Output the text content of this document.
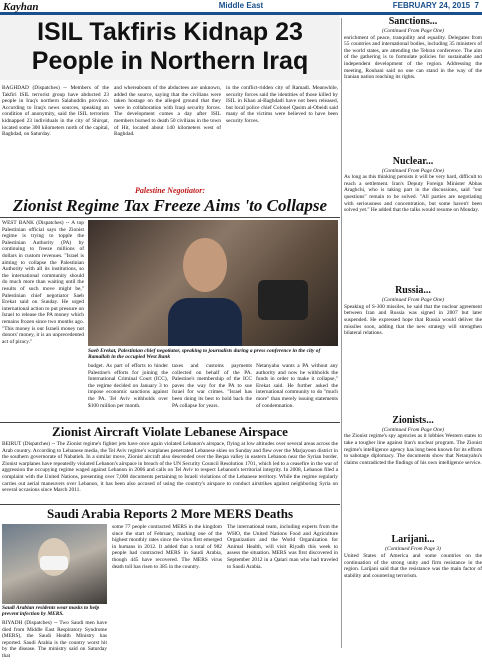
Kayhan	Middle East	FEBRUARY 24, 2015 7
ISIL Takfiris Kidnap 23
People in Northern Iraq
BAGHDAD (Dispatches) -- Members of the Takfiri ISIL terrorist group have abducted 23 people in Iraq's northern Salahuddin province. According to Iraq's news sources, speaking on condition of anonymity, said the ISIL terrorists kidnapped 23 individuals in the city of Shirqat, located some 300 kilometers north of the capital, Baghdad, on Saturday.
and whereabouts of the abductees are unknown, added the source, saying that the civilians were taken hostage on the alleged ground that they were in collaboration with Iraqi security forces. The development comes a day after ISIL members burned to death 50 civilians in the town of Hit, located about 140 kilometers west of Baghdad.
in the conflict-ridden city of Ramadi. Meanwhile, security forces said the identities of those killed by ISIL in Khan al-Baghdadi have not been released, but local police chief Colonel Qasim al-Obeidi said many of the victims were believed to have been security forces.
Palestine Negotiator:
Zionist Regime Tax Freeze Aims 'to Collapse
WEST BANK (Dispatches) -- A top Palestinian official says the Zionist regime is trying to topple the Palestinian Authority (PA) by continuing to freeze millions of dollars in custom revenues. "Israel is aiming to collapse the Palestinian Authority with all its institutions, so the international community should do much more than waiting until the results of such move might be," Palestinian chief negotiator Saeb Erekat said on Sunday. He urged international action to put pressure on Israel to release the PA money which remains frozen since two months ago. "This money is our Israeli money not donors' money, it is an unprecedented act of piracy."
Saeb Erekat, Palestinian chief negotiator, speaking to journalists during a press conference in the city of Ramallah in the occupied West Bank
budget. As part of efforts to hinder Palestine's efforts for joining the International Criminal Court (ICC), the regime decided on January 3 to impose economic sanctions against the PA. Tel Aviv withholds over $100 million per month.
taxes and customs payments collected on behalf of the PA. Palestine's membership of the ICC paves the way for the PA to sue Israel for war crimes. "Israel has been doing its best to hold back the PA collapse for years.
Netanyahu wants a PA without any authority and now he withholds the funds in order to make it collapse," Erekat said. He further asked the international community to do "much more" than merely issuing statements of condemnation.
Zionist Aircraft Violate Lebanese Airspace
BEIRUT (Dispatches) -- The Zionist regime's fighter jets have once again violated Lebanon's airspace, flying at low altitudes over several areas across the Arab country. According to Lebanese media, the Tel Aviv regime's warplanes penetrated Lebanese skies on Sunday and flew over the Marjayoun district in the southern governorate of Nabatieh. In a similar move, Zionist aircraft also descended over the Beqaa valley in eastern Lebanon near the Syrian border. Zionist warplanes have repeatedly violated Lebanon's airspace in breach of the UN Security Council Resolution 1701, which led to a ceasefire in the war of aggression the occupying regime waged against Lebanon in 2006 and calls on Tel Aviv to respect Lebanon's territorial integrity. In 2008, Lebanon filed a complaint with the United Nations, presenting over 7,000 documents pertaining to Israeli violations of the Lebanese territory. While the regime regularly carries out aerial maneuvers over Lebanon, it has been also accused of using the country's airspace to conduct airstrikes against neighboring Syria on several occasions since March 2011.
Saudi Arabia Reports 2 More MERS Deaths
Saudi Arabian residents wear masks to help prevent infection by MERS.
RIYADH (Dispatches) -- Two Saudi men have died from Middle East Respiratory Syndrome (MERS), the Saudi Health Ministry has reported. Saudi Arabia is the country worst hit by the disease. The ministry said on Saturday that
some 77 people contracted MERS in the kingdom since the start of February, marking one of the highest monthly rates since the virus first emerged in humans in 2012. It added that a total of 982 people had contracted MERS in Saudi Arabia, though 445 have recovered. The MERS virus death toll has risen to 385 in the country.
The international team, including experts from the WHO, the United Nations Food and Agriculture Organization and the World Organization for Animal Health, will visit Riyadh this week to assess the situation. MERS was first discovered in September 2012 in a Qatari man who had traveled to Saudi Arabia.
Sanctions...
(Continued From Page One)
enrichment of peace, tranquility and equality. Delegates from 55 countries and international bodies, including 35 ministers of the world states, are attending the Tehran conference. The aim of the gathering is to formulate policies for sustainable and independent development of the region. Addressing the meeting, Rouhani said no one can stand in the way of the Iranian nation reaching its rights.
Nuclear...
(Continued From Page One)
As long as this thinking persists it will be very hard, difficult to reach a settlement. Iran's Deputy Foreign Minister Abbas Araghchi, who is taking part in the discussions, said "our questions" remain to be solved. "All parties are negotiating with seriousness and concentration, but some haven't been solved yet." He added that the talks would resume on Monday.
Russia...
(Continued From Page One)
Speaking of S-300 missiles, he said that the nuclear agreement between Iran and Russia was signed in 2007 but later suspended. He expressed hope that Russia would deliver the missiles soon, adding that the new strategy will strengthen bilateral relations.
Zionists...
(Continued From Page One)
the Zionist regime's spy agencies as it lobbies Western states to take a tougher line against Iran's nuclear program. The Zionist regime's intelligence agency has long been known for its efforts to sabotage diplomacy. The documents show that Netanyahu's claims contradicted the findings of his own intelligence service.
Larijani...
(Continued From Page 3)
United States of America and some countries on the continuation of the strong unity and firm resistance in the region. Larijani said that the resistance was the main factor of stability and countering terrorism.
